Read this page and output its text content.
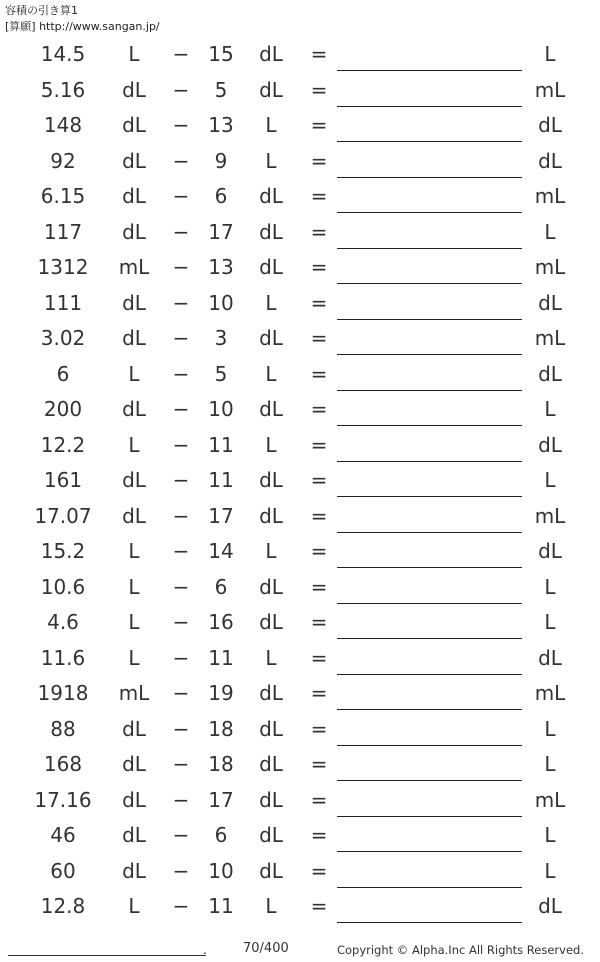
容積の引き算1
[算願] http://www.sangan.jp/
14.5	L	− 15	dL	=	L
5.16	dL	−	5	dL	=	mL
148	dL	− 13	L	=	dL
92	dL	−	9	L	=	dL
6.15	dL	−	6	dL	=	mL
117	dL	− 17	dL	=	L
1312	mL	− 13	dL	=	mL
111	dL	− 10	L	=	dL
3.02	dL	−	3	dL	=	mL
6	L	−	5	L	=	dL
200	dL	− 10	dL	=	L
12.2	L	− 11	L	=	dL
161	dL	− 11	dL	=	L
17.07	dL	− 17	dL	=	mL
15.2	L	− 14	L	=	dL
10.6	L	−	6	dL	=	L
4.6	L	− 16	dL	=	L
11.6	L	− 11	L	=	dL
1918	mL	− 19	dL	=	mL
88	dL	− 18	dL	=	L
168	dL	− 18	dL	=	L
17.16	dL	− 17	dL	=	mL
46	dL	−	6	dL	=	L
60	dL	− 10	dL	=	L
12.8	L	− 11	L	=	dL
.	70/400	Copyright © Alpha.Inc All Rights Reserved.
